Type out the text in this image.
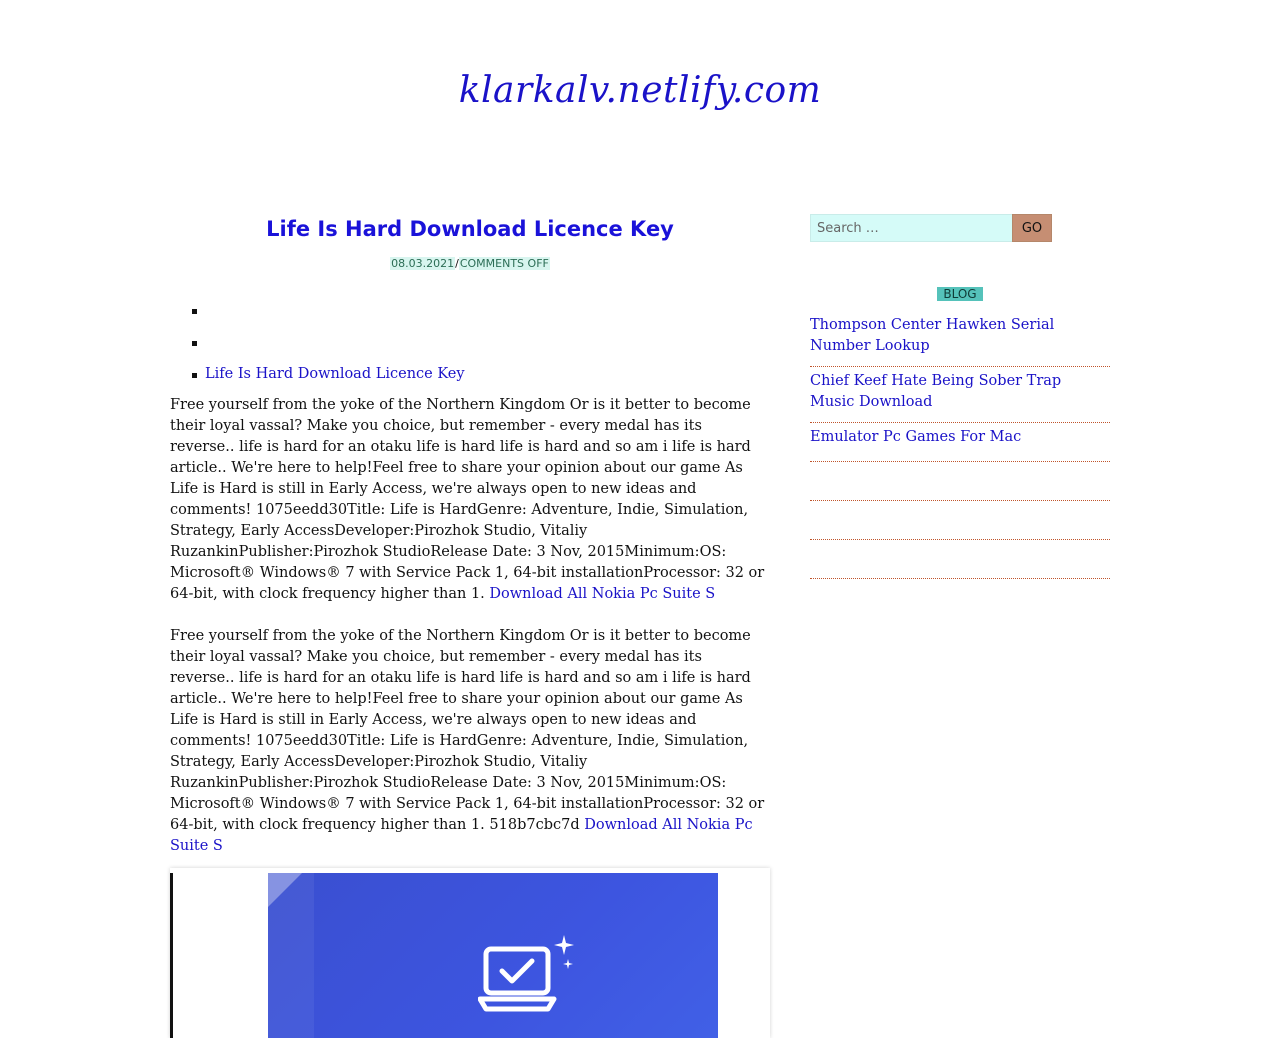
klarkalv.netlify.com
Life Is Hard Download Licence Key
08.03.2021/COMMENTS OFF
Life Is Hard Download Licence Key

Free yourself from the yoke of the Northern Kingdom Or is it better to become their loyal vassal? Make you choice, but remember - every medal has its reverse.. life is hard for an otaku life is hard life is hard and so am i life is hard article.. We're here to help!Feel free to share your opinion about our game As Life is Hard is still in Early Access, we're always open to new ideas and comments! 1075eedd30Title: Life is HardGenre: Adventure, Indie, Simulation, Strategy, Early AccessDeveloper:Pirozhok Studio, Vitaliy RuzankinPublisher:Pirozhok StudioRelease Date: 3 Nov, 2015Minimum:OS: Microsoft® Windows® 7 with Service Pack 1, 64-bit installationProcessor: 32 or 64-bit, with clock frequency higher than 1. Download All Nokia Pc Suite S

Free yourself from the yoke of the Northern Kingdom Or is it better to become their loyal vassal? Make you choice, but remember - every medal has its reverse.. life is hard for an otaku life is hard life is hard and so am i life is hard article.. We're here to help!Feel free to share your opinion about our game As Life is Hard is still in Early Access, we're always open to new ideas and comments! 1075eedd30Title: Life is HardGenre: Adventure, Indie, Simulation, Strategy, Early AccessDeveloper:Pirozhok Studio, Vitaliy RuzankinPublisher:Pirozhok StudioRelease Date: 3 Nov, 2015Minimum:OS: Microsoft® Windows® 7 with Service Pack 1, 64-bit installationProcessor: 32 or 64-bit, with clock frequency higher than 1. 518b7cbc7d Download All Nokia Pc Suite S

Search …
GO
BLOG
Thompson Center Hawken Serial Number Lookup
Chief Keef Hate Being Sober Trap Music Download
Emulator Pc Games For Mac
